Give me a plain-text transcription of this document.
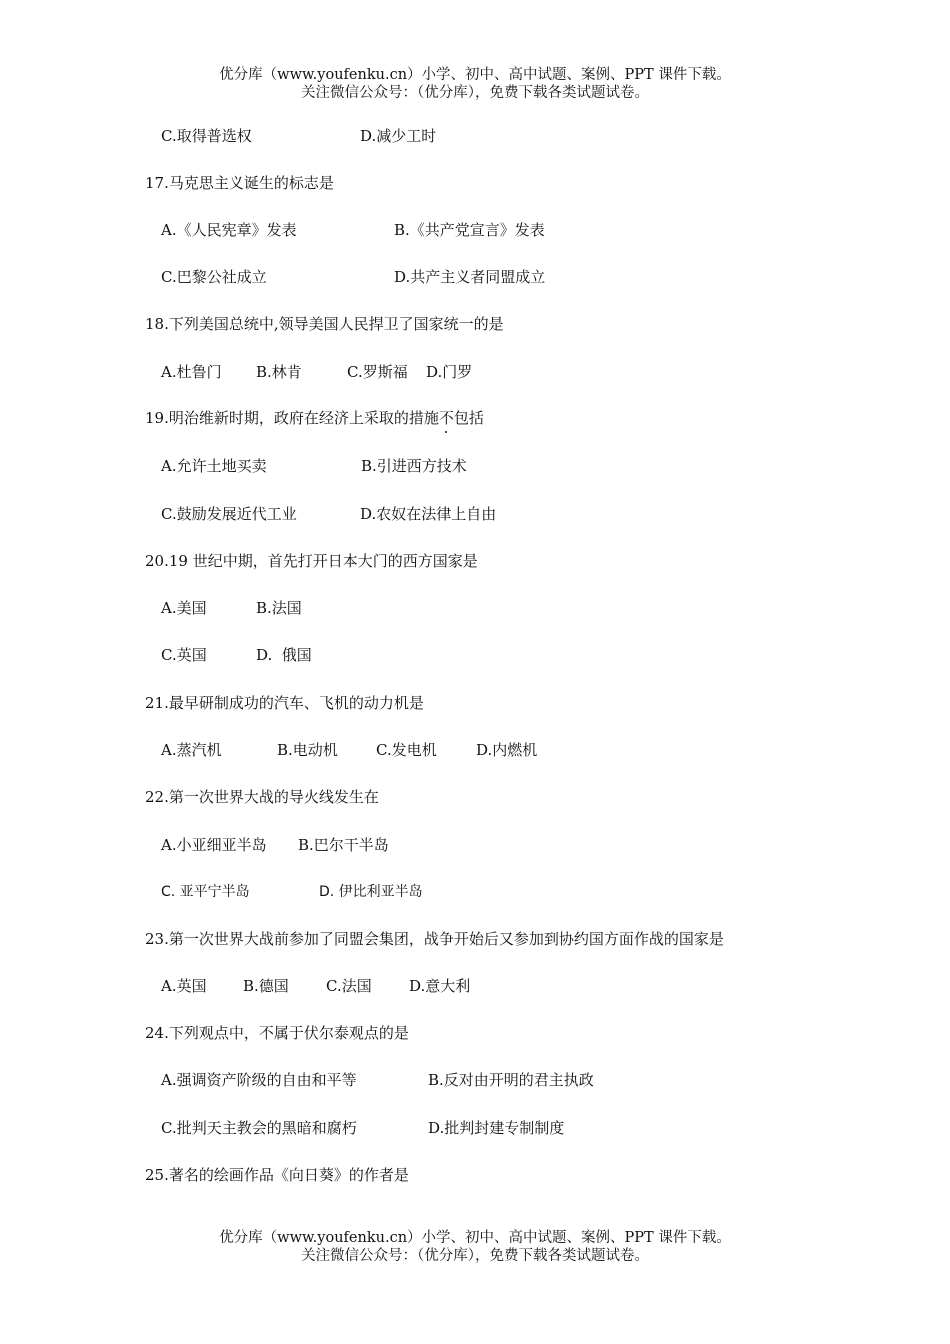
优分库（www.youfenku.cn）小学、初中、高中试题、案例、PPT 课件下载。
关注微信公众号：（优分库），免费下载各类试题试卷。
C.取得普选权	D.减少工时
17.马克思主义诞生的标志是
A.《人民宪章》发表	B.《共产党宣言》发表
C.巴黎公社成立	D.共产主义者同盟成立
18.下列美国总统中,领导美国人民捍卫了国家统一的是
A.杜鲁门 B.林肯	C.罗斯福 D.门罗
19.明治维新时期，政府在经济上采取的措施不包括
A.允许土地买卖	B.引进西方技术
C.鼓励发展近代工业	D.农奴在法律上自由
20.19 世纪中期，首先打开日本大门的西方国家是
A.美国	B.法国
C.英国	D.  俄国
21.最早研制成功的汽车、飞机的动力机是
A.蒸汽机	B.电动机	C.发电机	D.内燃机
22.第一次世界大战的导火线发生在
A.小亚细亚半岛 B.巴尔干半岛
C. 亚平宁半岛	D. 伊比利亚半岛
23.第一次世界大战前参加了同盟会集团，战争开始后又参加到协约国方面作战的国家是
A.英国 B.德国 C.法国 D.意大利
24.下列观点中，不属于伏尔泰观点的是
A.强调资产阶级的自由和平等	B.反对由开明的君主执政
C.批判天主教会的黑暗和腐朽	D.批判封建专制制度
25.著名的绘画作品《向日葵》的作者是
优分库（www.youfenku.cn）小学、初中、高中试题、案例、PPT 课件下载。
关注微信公众号：（优分库），免费下载各类试题试卷。
